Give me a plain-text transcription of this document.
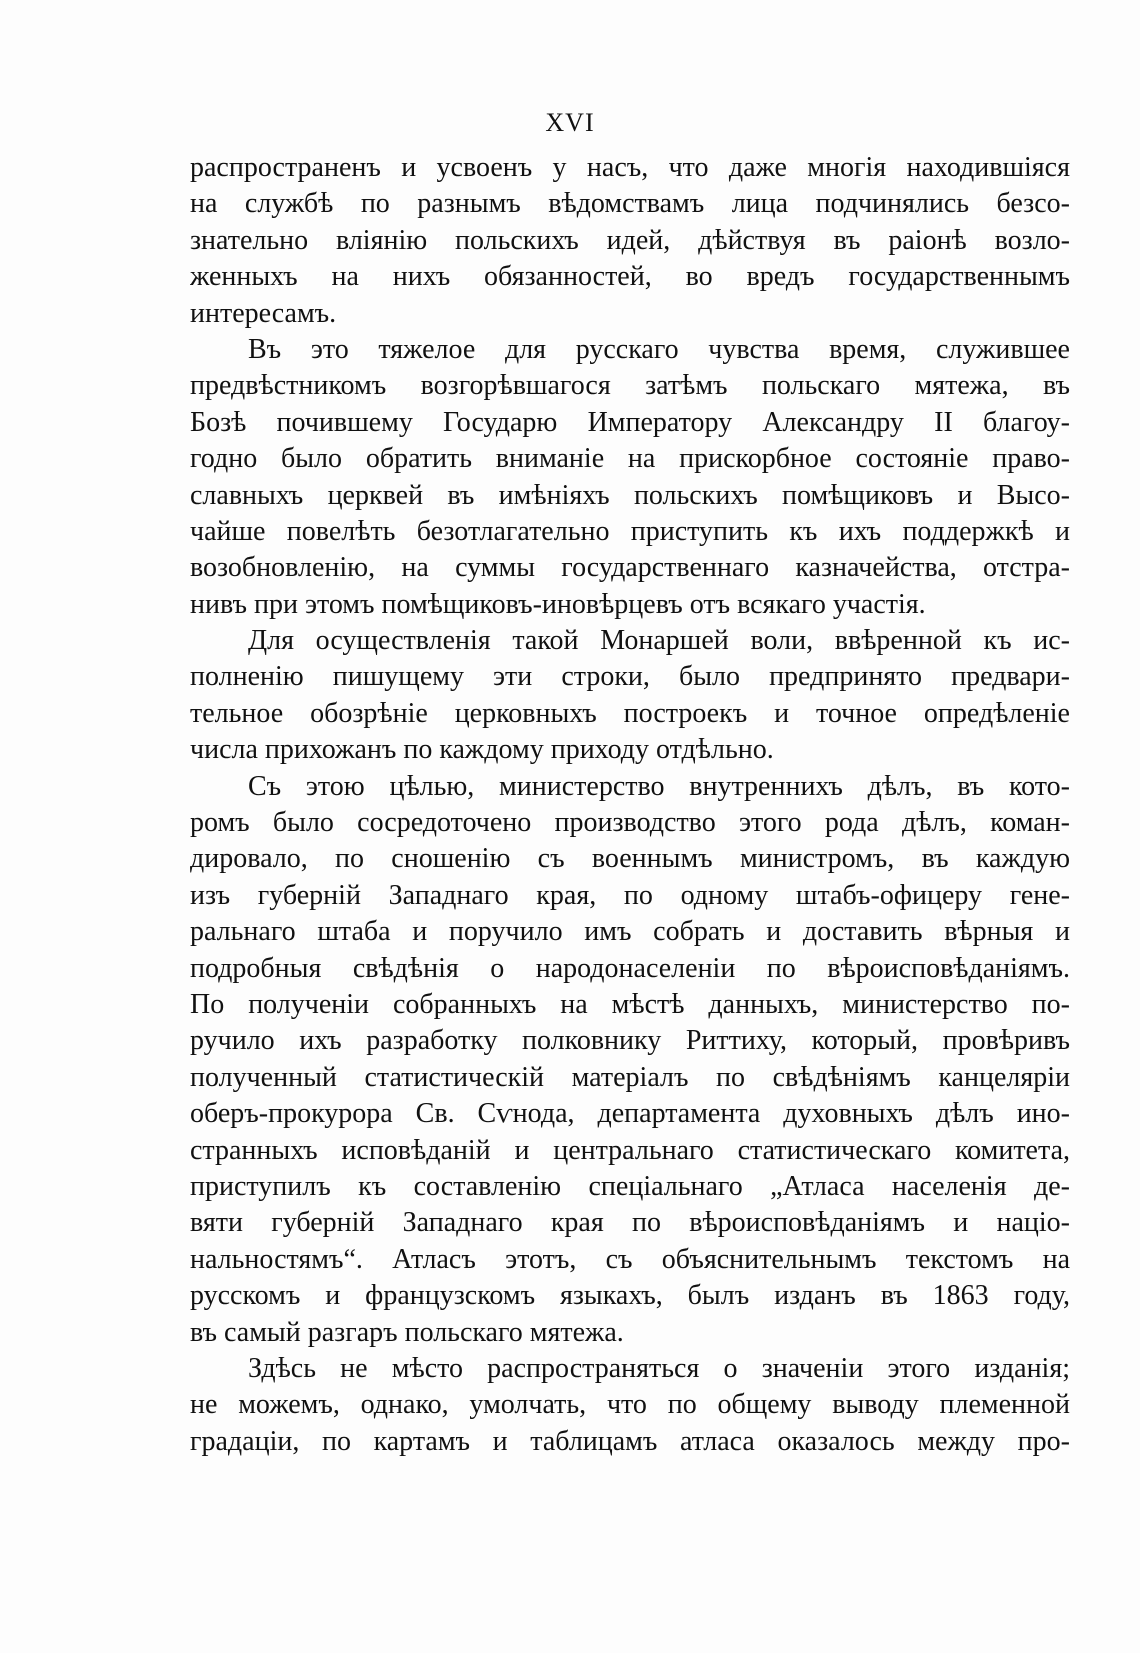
XVI
распространенъ и усвоенъ у насъ, что даже многія находившіяся
на службѣ по разнымъ вѣдомствамъ лица подчинялись безсо-
знательно вліянію польскихъ идей, дѣйствуя въ раіонѣ возло-
женныхъ на нихъ обязанностей, во вредъ государственнымъ
интересамъ.
Въ это тяжелое для русскаго чувства время, служившее
предвѣстникомъ возгорѣвшагося затѣмъ польскаго мятежа, въ
Бозѣ почившему Государю Императору Александру II благоу-
годно было обратить вниманіе на прискорбное состояніе право-
славныхъ церквей въ имѣніяхъ польскихъ помѣщиковъ и Высо-
чайше повелѣть безотлагательно приступить къ ихъ поддержкѣ и
возобновленію, на суммы государственнаго казначейства, отстра-
нивъ при этомъ помѣщиковъ-иновѣрцевъ отъ всякаго участія.
Для осуществленія такой Монаршей воли, ввѣренной къ ис-
полненію пишущему эти строки, было предпринято предвари-
тельное обозрѣніе церковныхъ построекъ и точное опредѣленіе
числа прихожанъ по каждому приходу отдѣльно.
Съ этою цѣлью, министерство внутреннихъ дѣлъ, въ кото-
ромъ было сосредоточено производство этого рода дѣлъ, коман-
дировало, по сношенію съ военнымъ министромъ, въ каждую
изъ губерній Западнаго края, по одному штабъ-офицеру гене-
ральнаго штаба и поручило имъ собрать и доставить вѣрныя и
подробныя свѣдѣнія о народонаселеніи по вѣроисповѣданіямъ.
По полученіи собранныхъ на мѣстѣ данныхъ, министерство по-
ручило ихъ разработку полковнику Риттиху, который, провѣривъ
полученный статистическій матеріалъ по свѣдѣніямъ канцеляріи
оберъ-прокурора Св. Сѵнода, департамента духовныхъ дѣлъ ино-
странныхъ исповѣданій и центральнаго статистическаго комитета,
приступилъ къ составленію спеціальнаго „Атласа населенія де-
вяти губерній Западнаго края по вѣроисповѣданіямъ и націо-
нальностямъ“. Атласъ этотъ, съ объяснительнымъ текстомъ на
русскомъ и французскомъ языкахъ, былъ изданъ въ 1863 году,
въ самый разгаръ польскаго мятежа.
Здѣсь не мѣсто распространяться о значеніи этого изданія;
не можемъ, однако, умолчать, что по общему выводу племенной
градаціи, по картамъ и таблицамъ атласа оказалось между про-
